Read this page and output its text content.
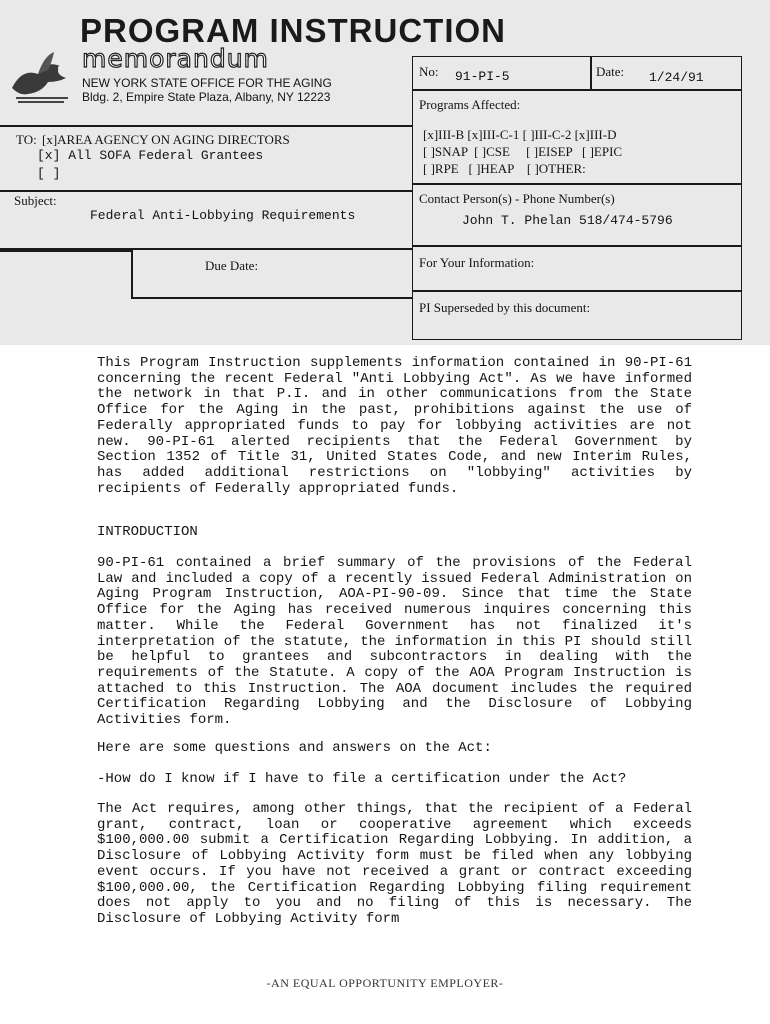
PROGRAM INSTRUCTION
memorandum
NEW YORK STATE OFFICE FOR THE AGING
Bldg. 2, Empire State Plaza, Albany, NY 12223
No: 91-PI-5	Date: 1/24/91
Programs Affected:
[x]III-B [x]III-C-1 [ ]III-C-2 [x]III-D
[ ]SNAP  [ ]CSE     [ ]EISEP   [ ]EPIC
[ ]RPE   [ ]HEAP    [ ]OTHER:
TO: [x]AREA AGENCY ON AGING DIRECTORS
[x] All SOFA Federal Grantees
[ ]
Subject:
Federal Anti-Lobbying Requirements
Contact Person(s) - Phone Number(s)
John T. Phelan 518/474-5796
Due Date:	For Your Information:
PI Superseded by this document:
This Program Instruction supplements information contained in 90-PI-61 concerning the recent Federal "Anti Lobbying Act". As we have informed the network in that P.I. and in other communications from the State Office for the Aging in the past, prohibitions against the use of Federally appropriated funds to pay for lobbying activities are not new. 90-PI-61 alerted recipients that the Federal Government by Section 1352 of Title 31, United States Code, and new Interim Rules, has added additional restrictions on "lobbying" activities by recipients of Federally appropriated funds.
INTRODUCTION
90-PI-61 contained a brief summary of the provisions of the Federal Law and included a copy of a recently issued Federal Administration on Aging Program Instruction, AOA-PI-90-09. Since that time the State Office for the Aging has received numerous inquires concerning this matter. While the Federal Government has not finalized it's interpretation of the statute, the information in this PI should still be helpful to grantees and subcontractors in dealing with the requirements of the Statute. A copy of the AOA Program Instruction is attached to this Instruction. The AOA document includes the required Certification Regarding Lobbying and the Disclosure of Lobbying Activities form.
Here are some questions and answers on the Act:
-How do I know if I have to file a certification under the Act?
The Act requires, among other things, that the recipient of a Federal grant, contract, loan or cooperative agreement which exceeds $100,000.00 submit a Certification Regarding Lobbying. In addition, a Disclosure of Lobbying Activity form must be filed when any lobbying event occurs. If you have not received a grant or contract exceeding $100,000.00, the Certification Regarding Lobbying filing requirement does not apply to you and no filing of this is necessary. The Disclosure of Lobbying Activity form
-AN EQUAL OPPORTUNITY EMPLOYER-
